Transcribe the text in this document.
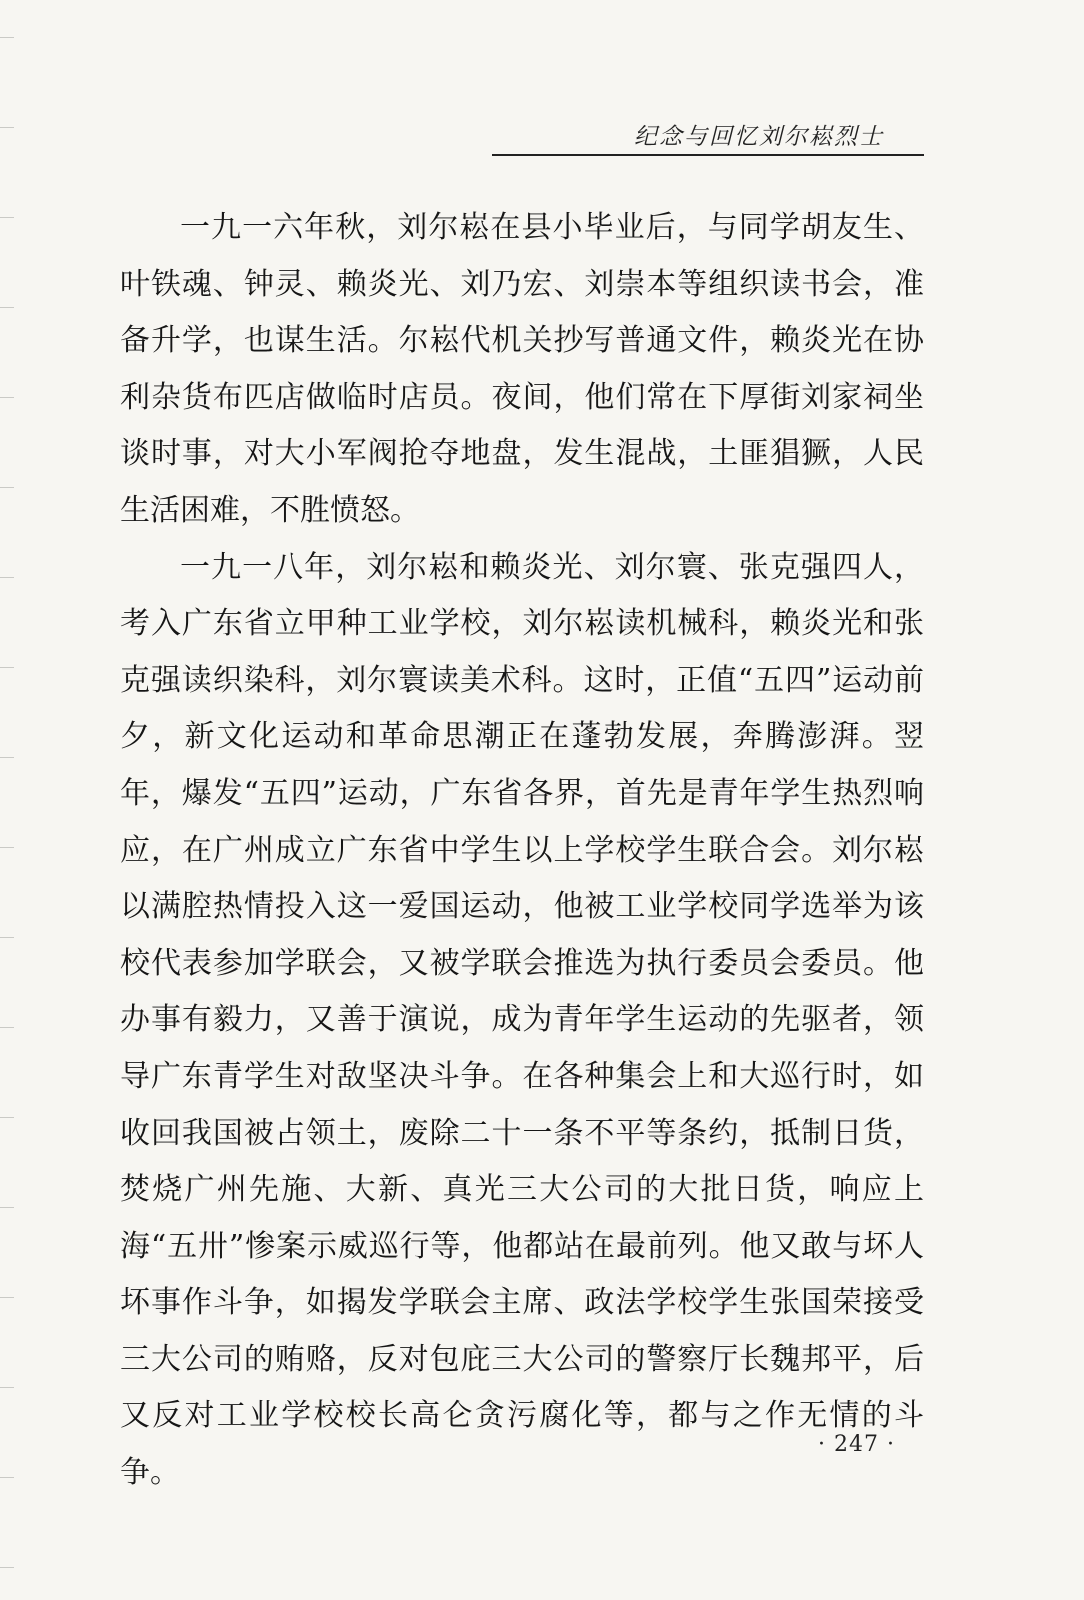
纪念与回忆刘尔崧烈士

一九一六年秋，刘尔崧在县小毕业后，与同学胡友生、叶铁魂、钟灵、赖炎光、刘乃宏、刘崇本等组织读书会，准备升学，也谋生活。尔崧代机关抄写普通文件，赖炎光在协利杂货布匹店做临时店员。夜间，他们常在下厚街刘家祠坐谈时事，对大小军阀抢夺地盘，发生混战，土匪猖獗，人民生活困难，不胜愤怒。

一九一八年，刘尔崧和赖炎光、刘尔寰、张克强四人，考入广东省立甲种工业学校，刘尔崧读机械科，赖炎光和张克强读织染科，刘尔寰读美术科。这时，正值“五四”运动前夕，新文化运动和革命思潮正在蓬勃发展，奔腾澎湃。翌年，爆发“五四”运动，广东省各界，首先是青年学生热烈响应，在广州成立广东省中学生以上学校学生联合会。刘尔崧以满腔热情投入这一爱国运动，他被工业学校同学选举为该校代表参加学联会，又被学联会推选为执行委员会委员。他办事有毅力，又善于演说，成为青年学生运动的先驱者，领导广东青学生对敌坚决斗争。在各种集会上和大巡行时，如收回我国被占领土，废除二十一条不平等条约，抵制日货，焚烧广州先施、大新、真光三大公司的大批日货，响应上海“五卅”惨案示威巡行等，他都站在最前列。他又敢与坏人坏事作斗争，如揭发学联会主席、政法学校学生张国荣接受三大公司的贿赂，反对包庇三大公司的警察厅长魏邦平，后又反对工业学校校长高仑贪污腐化等，都与之作无情的斗争。

· 247 ·
